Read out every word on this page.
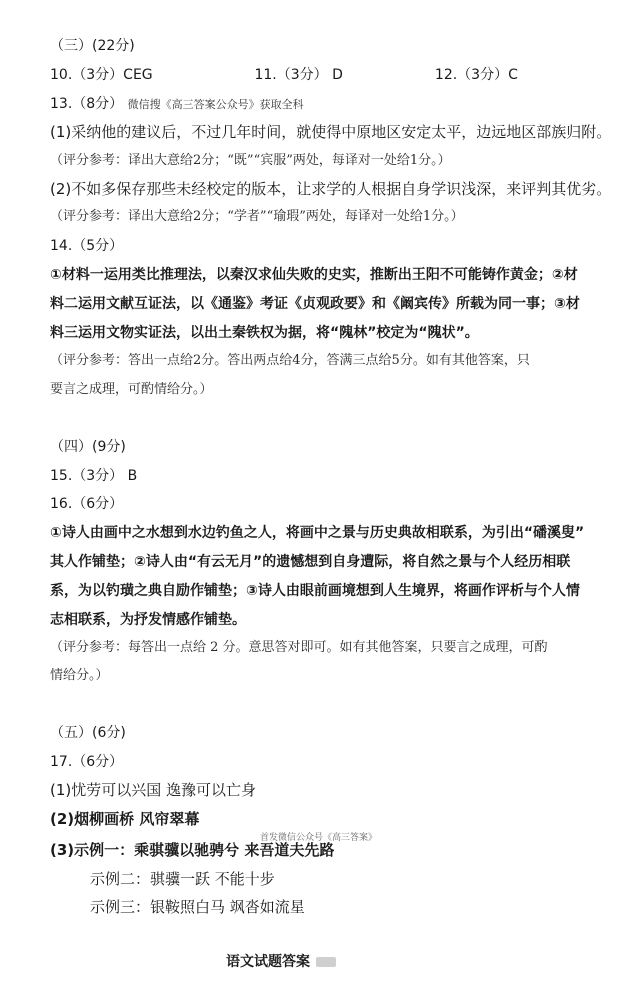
（三）(22分)
10.（3分）CEG	11.（3分） D	12.（3分）C
13.（8分） 微信搜《高三答案公众号》获取全科
(1)采纳他的建议后，不过几年时间，就使得中原地区安定太平，边远地区部族归附。
（评分参考：译出大意给2分；“既”“宾服”两处，每译对一处给1分。）
(2)不如多保存那些未经校定的版本，让求学的人根据自身学识浅深，来评判其优劣。
（评分参考：译出大意给2分；“学者”“瑜瑕”两处，每译对一处给1分。）
14.（5分）
①材料一运用类比推理法，以秦汉求仙失败的史实，推断出王阳不可能铸作黄金；②材
料二运用文献互证法，以《通鉴》考证《贞观政要》和《阚宾传》所载为同一事；③材
料三运用文物实证法，以出土秦铁权为据，将“隗林”校定为“隗状”。
（评分参考：答出一点给2分。答出两点给4分，答满三点给5分。如有其他答案，只
要言之成理，可酌情给分。）
（四）(9分)
15.（3分） B
16.（6分）
①诗人由画中之水想到水边钓鱼之人，将画中之景与历史典故相联系，为引出“磻溪叟”
其人作铺垫；②诗人由“有云无月”的遗憾想到自身遭际，将自然之景与个人经历相联
系，为以钓璜之典自励作铺垫；③诗人由眼前画境想到人生境界，将画作评析与个人情
志相联系，为抒发情感作铺垫。
（评分参考：每答出一点给 2 分。意思答对即可。如有其他答案，只要言之成理，可酌
情给分。）
（五）(6分)
17.（6分）
(1)忧劳可以兴国 逸豫可以亡身
(2)烟柳画桥 风帘翠幕
首发微信公众号《高三答案》
(3)示例一：乘骐骥以驰骋兮 来吾道夫先路
示例二：骐骥一跃 不能十步
示例三：银鞍照白马 飒沓如流星
语文试题答案
